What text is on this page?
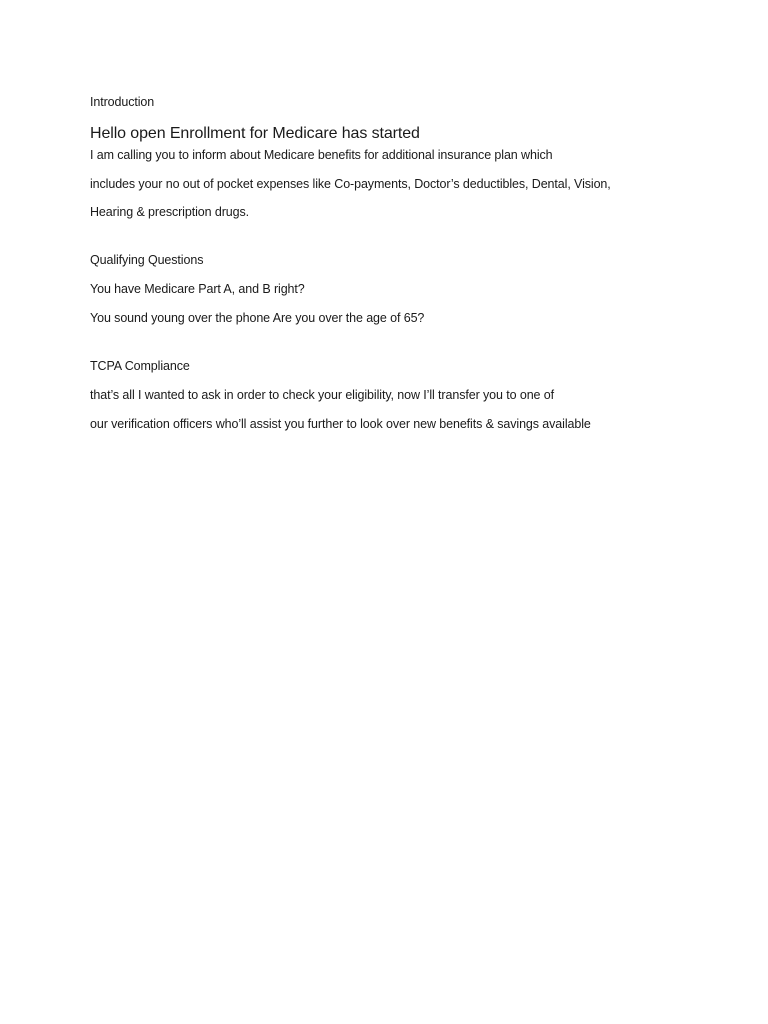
Introduction
Hello open Enrollment for Medicare has started
I am calling you to inform about Medicare benefits for additional insurance plan which
includes your no out of pocket expenses like Co-payments, Doctor’s deductibles, Dental, Vision,
Hearing & prescription drugs.
Qualifying Questions
You have Medicare Part A, and B right?
You sound young over the phone Are you over the age of 65?
TCPA Compliance
that’s all I wanted to ask in order to check your eligibility, now I’ll transfer you to one of
our verification officers who’ll assist you further to look over new benefits & savings available
